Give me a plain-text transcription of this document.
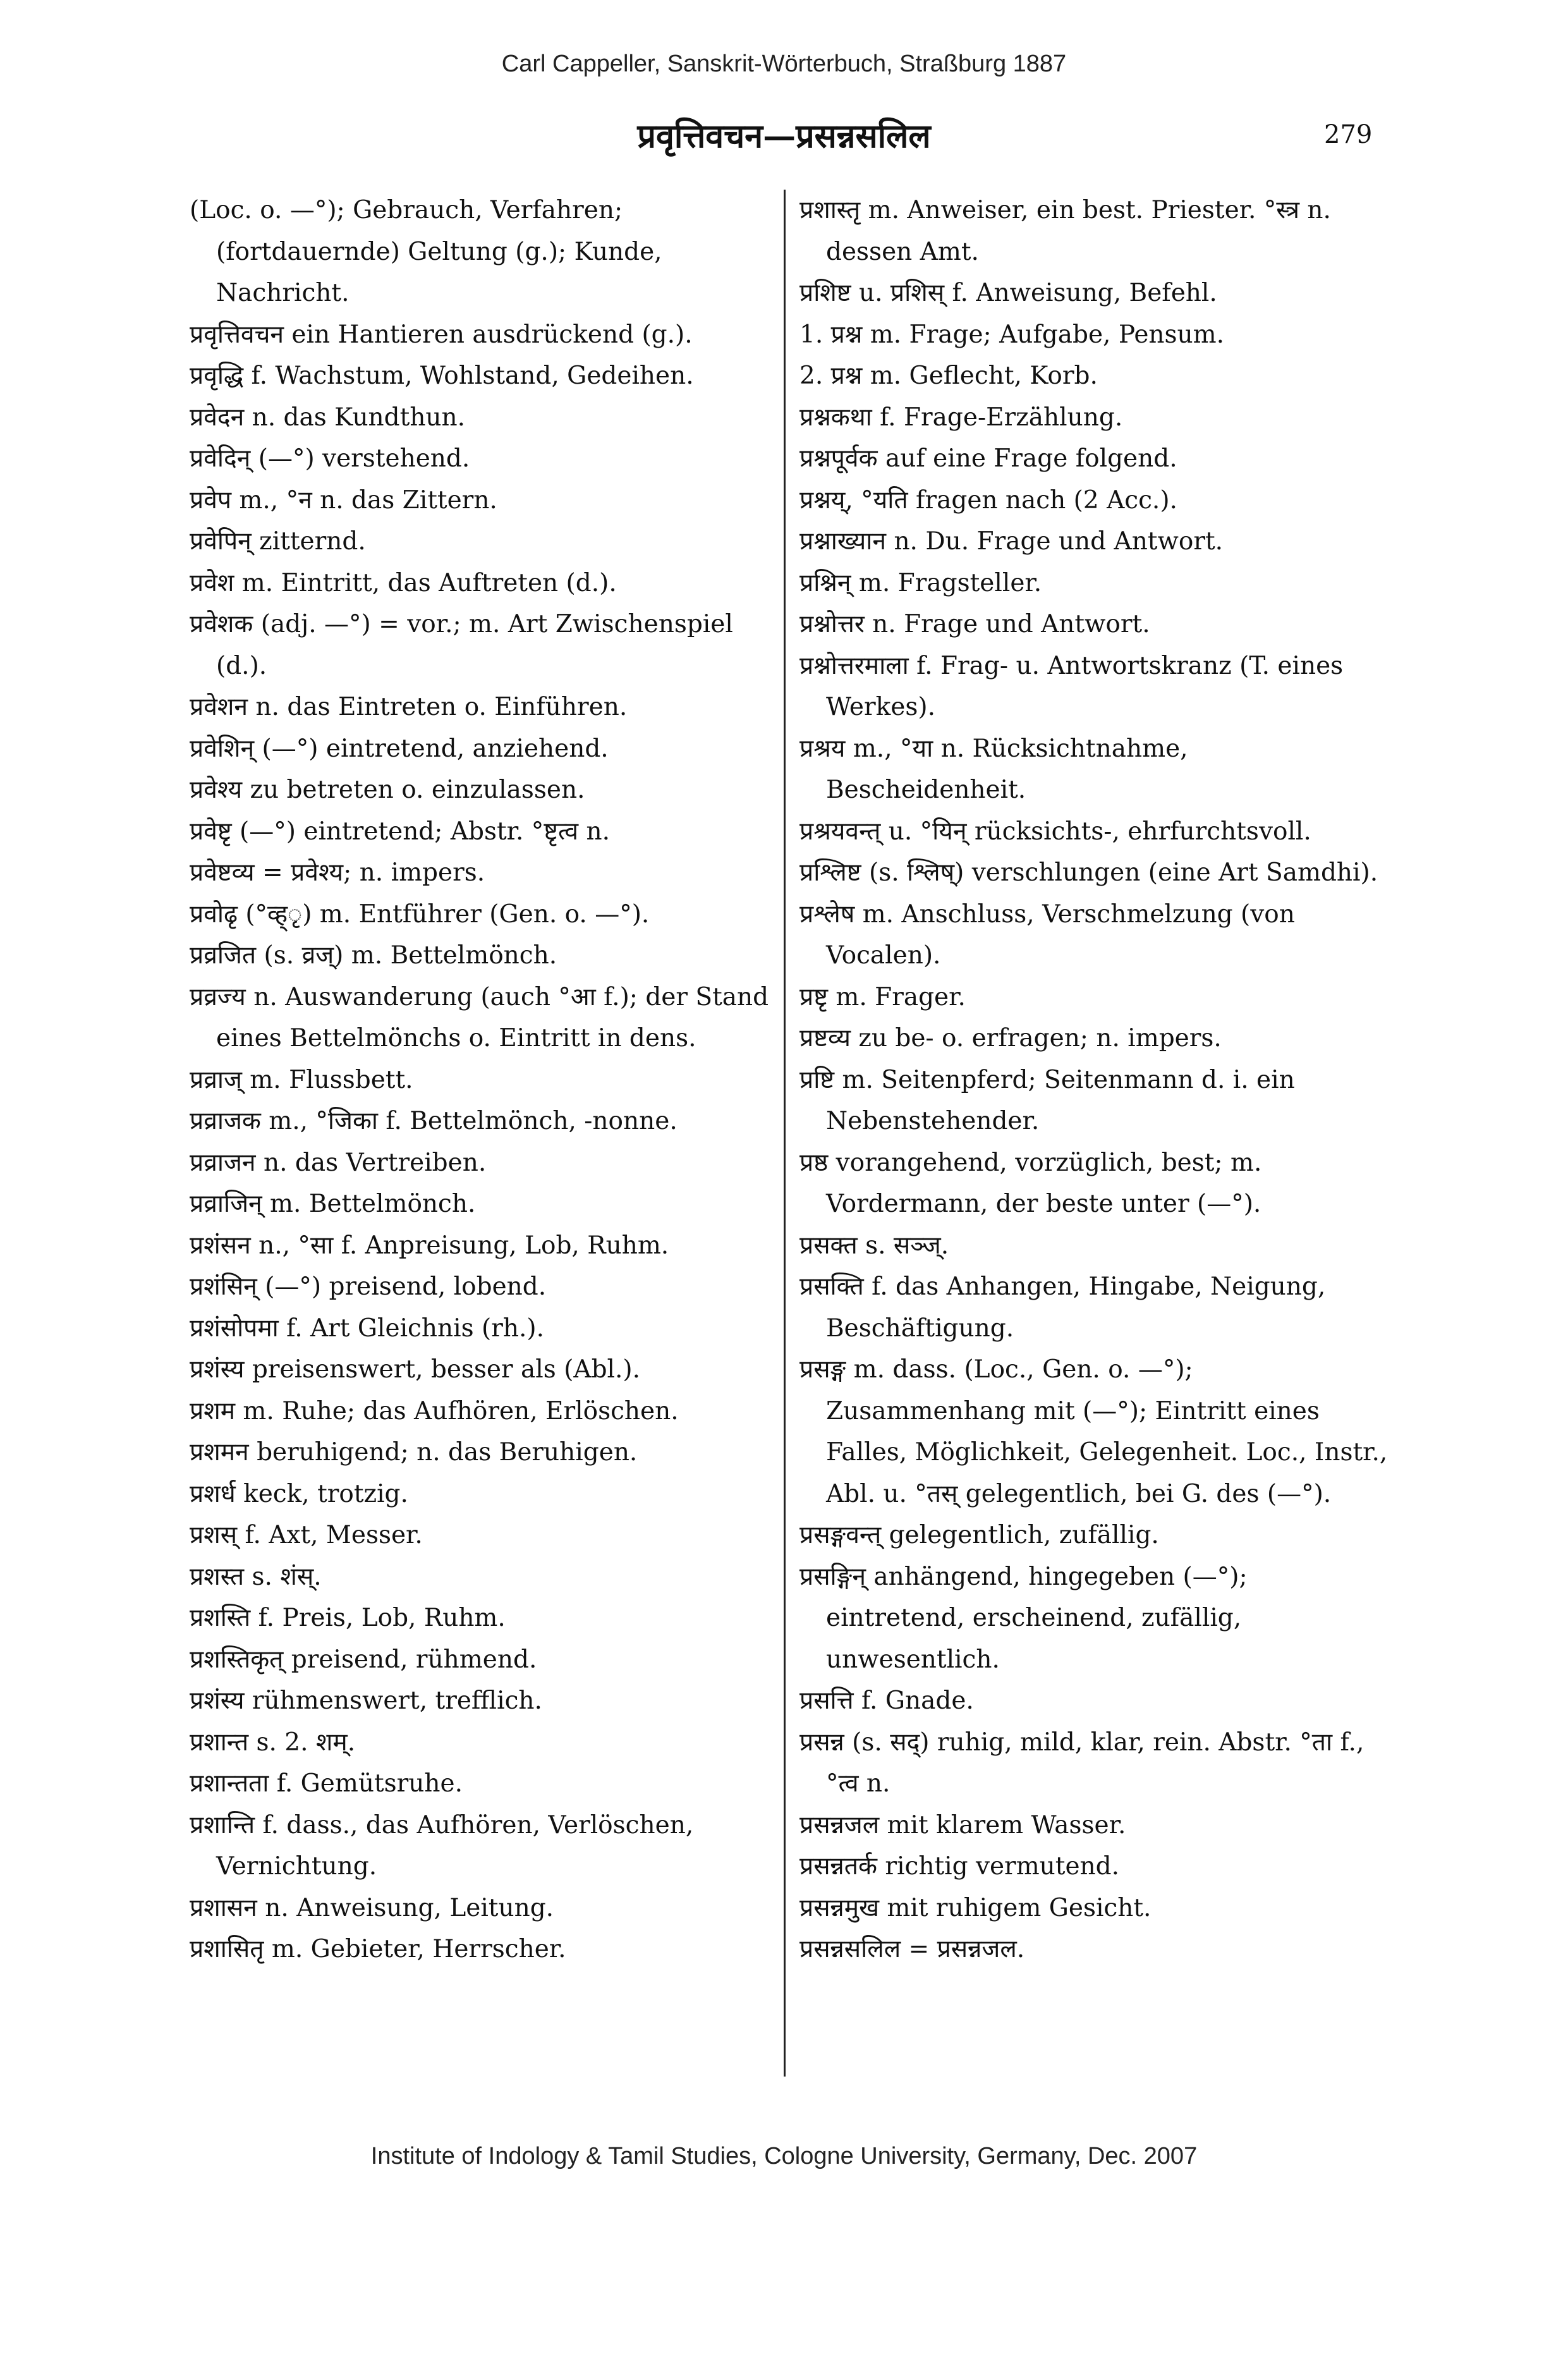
Carl Cappeller, Sanskrit-Wörterbuch, Straßburg 1887
प्रवृत्तिवचन—प्रसन्नसलिल	279
(Loc. o. —°); Gebrauch, Verfahren; (fortdauernde) Geltung (g.); Kunde, Nachricht.
प्रवृत्तिवचन ein Hantieren ausdrückend (g.).
प्रवृद्धि f. Wachstum, Wohlstand, Gedeihen.
प्रवेदन n. das Kundthun.
प्रवेदिन् (—°) verstehend.
प्रवेप m., °न n. das Zittern.
प्रवेपिन् zitternd.
प्रवेश m. Eintritt, das Auftreten (d.).
प्रवेशक (adj. —°) = vor.; m. Art Zwischenspiel (d.).
प्रवेशन n. das Eintreten o. Einführen.
प्रवेशिन् (—°) eintretend, anziehend.
प्रवेश्य zu betreten o. einzulassen.
प्रवेष्टृ (—°) eintretend; Abstr. °ष्टृत्व n.
प्रवेष्टव्य = प्रवेश्य; n. impers.
प्रवोढृ (°व्ह्ृ) m. Entführer (Gen. o. —°).
प्रव्रजित (s. व्रज्) m. Bettelmönch.
प्रव्रज्य n. Auswanderung (auch °आ f.); der Stand eines Bettelmönchs o. Eintritt in dens.
प्रव्राज् m. Flussbett.
प्रव्राजक m., °जिका f. Bettelmönch, -nonne.
प्रव्राजन n. das Vertreiben.
प्रव्राजिन् m. Bettelmönch.
प्रशंसन n., °सा f. Anpreisung, Lob, Ruhm.
प्रशंसिन् (—°) preisend, lobend.
प्रशंसोपमा f. Art Gleichnis (rh.).
प्रशंस्य preisenswert, besser als (Abl.).
प्रशम m. Ruhe; das Aufhören, Erlöschen.
प्रशमन beruhigend; n. das Beruhigen.
प्रशर्ध keck, trotzig.
प्रशस् f. Axt, Messer.
प्रशस्त s. शंस्.
प्रशस्ति f. Preis, Lob, Ruhm.
प्रशस्तिकृत् preisend, rühmend.
प्रशंस्य rühmenswert, trefflich.
प्रशान्त s. 2. शम्.
प्रशान्तता f. Gemütsruhe.
प्रशान्ति f. dass., das Aufhören, Verlöschen, Vernichtung.
प्रशासन n. Anweisung, Leitung.
प्रशासितृ m. Gebieter, Herrscher.
प्रशास्तृ m. Anweiser, ein best. Priester. °स्त्र n. dessen Amt.
प्रशिष्ट u. प्रशिस् f. Anweisung, Befehl.
1. प्रश्न m. Frage; Aufgabe, Pensum.
2. प्रश्न m. Geflecht, Korb.
प्रश्नकथा f. Frage-Erzählung.
प्रश्नपूर्वक auf eine Frage folgend.
प्रश्नय्, °यति fragen nach (2 Acc.).
प्रश्नाख्यान n. Du. Frage und Antwort.
प्रश्निन् m. Fragsteller.
प्रश्नोत्तर n. Frage und Antwort.
प्रश्नोत्तरमाला f. Frag- u. Antwortskranz (T. eines Werkes).
प्रश्रय m., °या n. Rücksichtnahme, Bescheidenheit.
प्रश्रयवन्त् u. °यिन् rücksichts-, ehrfurchtsvoll.
प्रश्लिष्ट (s. श्लिष्) verschlungen (eine Art Samdhi).
प्रश्लेष m. Anschluss, Verschmelzung (von Vocalen).
प्रष्टृ m. Frager.
प्रष्टव्य zu be- o. erfragen; n. impers.
प्रष्टि m. Seitenpferd; Seitenmann d. i. ein Nebenstehender.
प्रष्ठ vorangehend, vorzüglich, best; m. Vordermann, der beste unter (—°).
प्रसक्त s. सञ्ज्.
प्रसक्ति f. das Anhangen, Hingabe, Neigung, Beschäftigung.
प्रसङ्ग m. dass. (Loc., Gen. o. —°); Zusammenhang mit (—°); Eintritt eines Falles, Möglichkeit, Gelegenheit. Loc., Instr., Abl. u. °तस् gelegentlich, bei G. des (—°).
प्रसङ्गवन्त् gelegentlich, zufällig.
प्रसङ्गिन् anhängend, hingegeben (—°); eintretend, erscheinend, zufällig, unwesentlich.
प्रसत्ति f. Gnade.
प्रसन्न (s. सद्) ruhig, mild, klar, rein. Abstr. °ता f., °त्व n.
प्रसन्नजल mit klarem Wasser.
प्रसन्नतर्क richtig vermutend.
प्रसन्नमुख mit ruhigem Gesicht.
प्रसन्नसलिल = प्रसन्नजल.
Institute of Indology & Tamil Studies, Cologne University, Germany, Dec. 2007
